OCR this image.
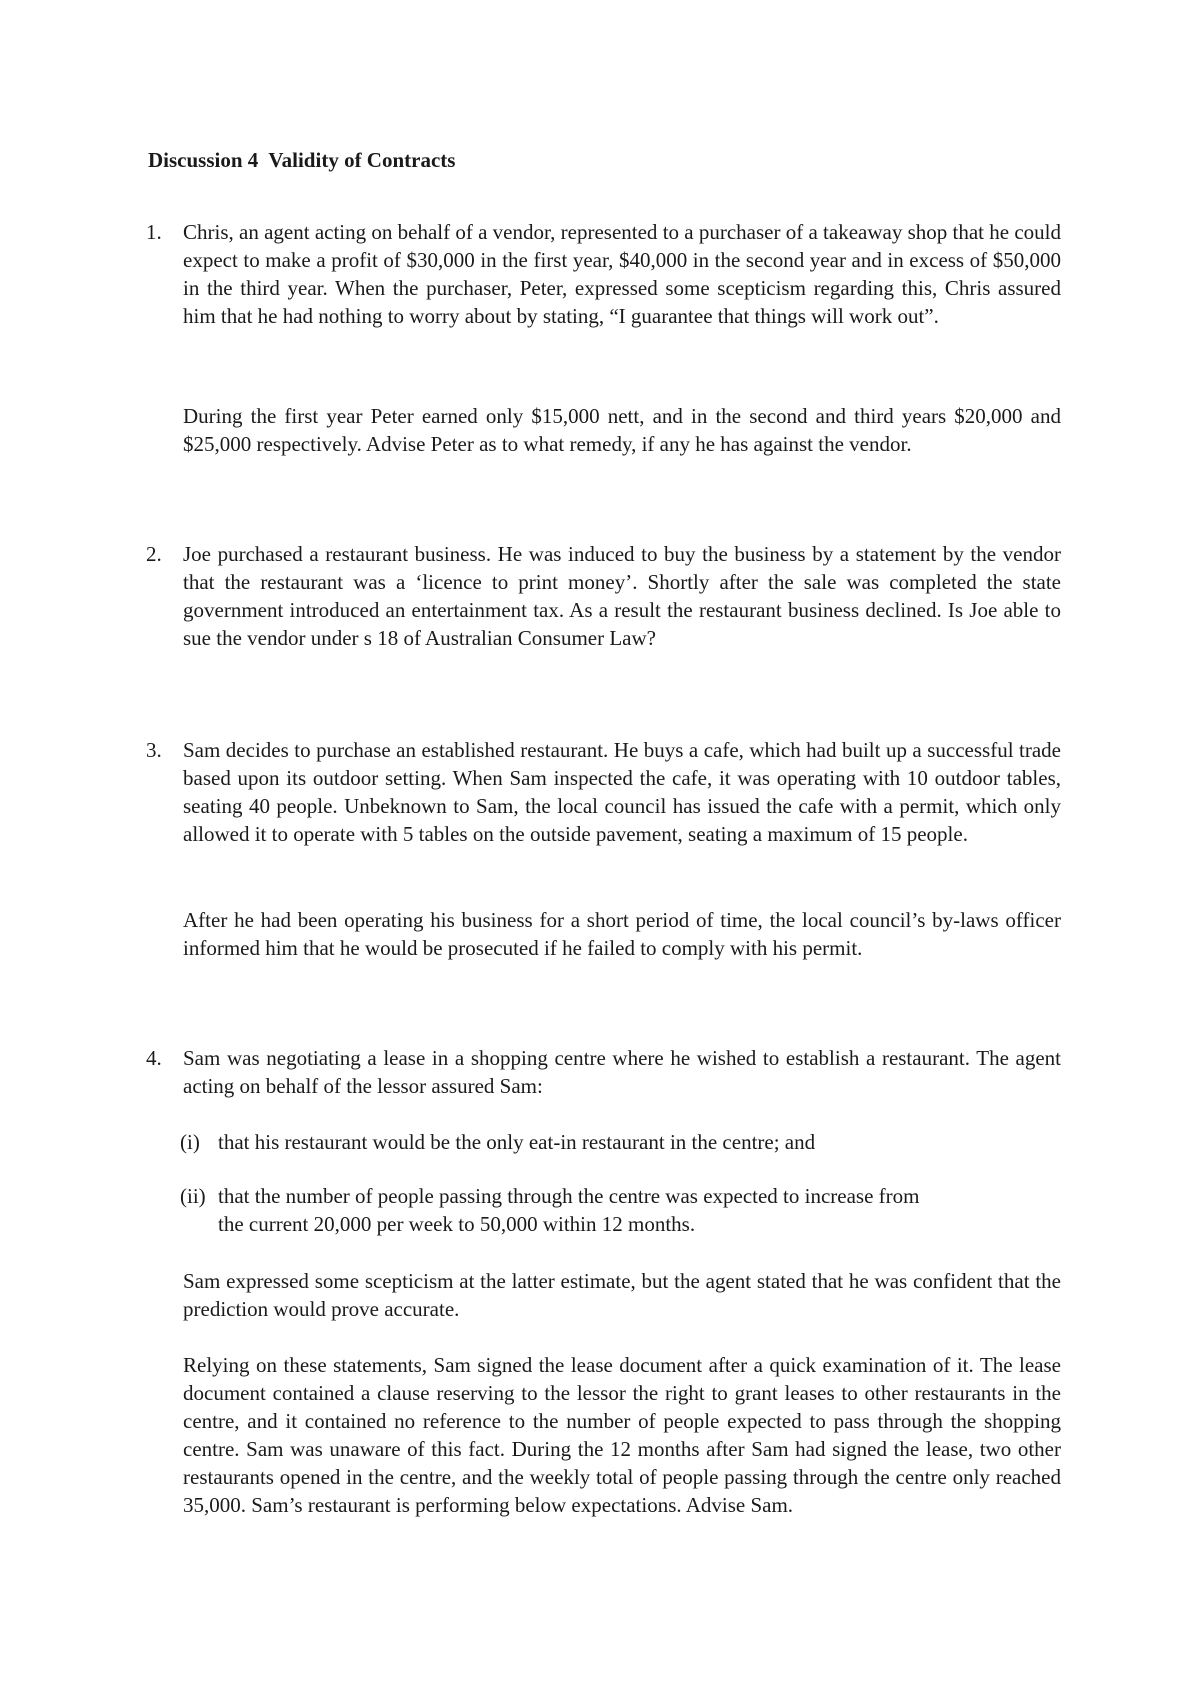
Discussion 4  Validity of Contracts
1. Chris, an agent acting on behalf of a vendor, represented to a purchaser of a takeaway shop that he could expect to make a profit of $30,000 in the first year, $40,000 in the second year and in excess of $50,000 in the third year. When the purchaser, Peter, expressed some scepticism regarding this, Chris assured him that he had nothing to worry about by stating, “I guarantee that things will work out”.

During the first year Peter earned only $15,000 nett, and in the second and third years $20,000 and $25,000 respectively. Advise Peter as to what remedy, if any he has against the vendor.

2. Joe purchased a restaurant business. He was induced to buy the business by a statement by the vendor that the restaurant was a ‘licence to print money’. Shortly after the sale was completed the state government introduced an entertainment tax. As a result the restaurant business declined. Is Joe able to sue the vendor under s 18 of Australian Consumer Law?

3. Sam decides to purchase an established restaurant. He buys a cafe, which had built up a successful trade based upon its outdoor setting. When Sam inspected the cafe, it was operating with 10 outdoor tables, seating 40 people. Unbeknown to Sam, the local council has issued the cafe with a permit, which only allowed it to operate with 5 tables on the outside pavement, seating a maximum of 15 people.

After he had been operating his business for a short period of time, the local council’s by-laws officer informed him that he would be prosecuted if he failed to comply with his permit.

4. Sam was negotiating a lease in a shopping centre where he wished to establish a restaurant. The agent acting on behalf of the lessor assured Sam:

(i) that his restaurant would be the only eat-in restaurant in the centre; and

(ii) that the number of people passing through the centre was expected to increase from

the current 20,000 per week to 50,000 within 12 months.

Sam expressed some scepticism at the latter estimate, but the agent stated that he was confident that the prediction would prove accurate.

Relying on these statements, Sam signed the lease document after a quick examination of it. The lease document contained a clause reserving to the lessor the right to grant leases to other restaurants in the centre, and it contained no reference to the number of people expected to pass through the shopping centre. Sam was unaware of this fact. During the 12 months after Sam had signed the lease, two other restaurants opened in the centre, and the weekly total of people passing through the centre only reached 35,000. Sam’s restaurant is performing below expectations. Advise Sam.
